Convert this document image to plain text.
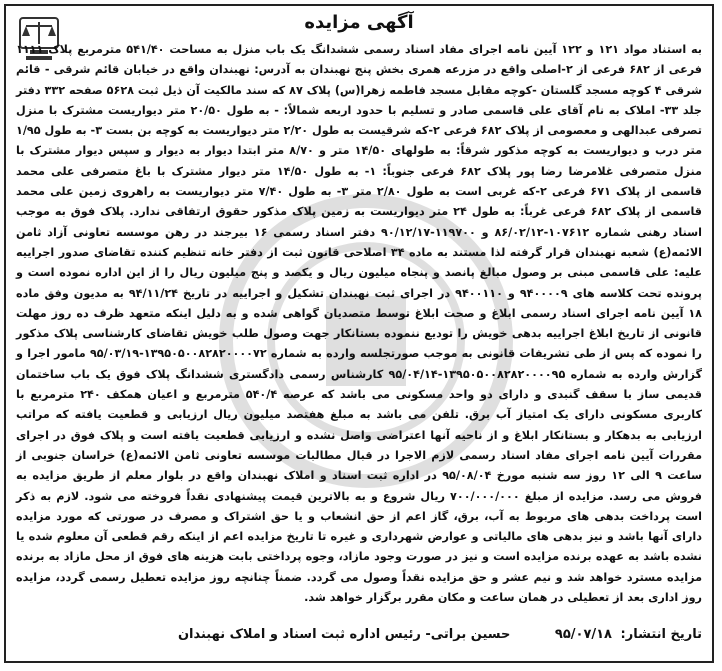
آگهی مزایده
به استناد مواد ۱۲۱ و ۱۲۲ آیین نامه اجرای مفاد اسناد رسمی ششدانگ یک باب منزل به مساحت ۵۴۱/۴۰ مترمربع پلاک ۱۱۱۱ فرعی از ۶۸۲ فرعی از ۲-اصلی واقع در مزرعه همری بخش پنج نهبندان به آدرس: نهبندان واقع در خیابان قائم شرقی - قائم شرقی ۴ کوچه مسجد گلستان -کوچه مقابل مسجد فاطمه زهرا(س) پلاک ۸۷ که سند مالکیت آن ذیل ثبت ۵۶۲۸ صفحه ۳۳۲ دفتر جلد ۳۳- املاک به نام آقای علی قاسمی صادر و تسلیم با حدود اربعه شمالاً: - به طول ۲۰/۵۰ متر دیواریست مشترک با منزل تصرفی عبدالهی و معصومی از پلاک ۶۸۲ فرعی ۲-که شرقیست به طول ۲/۲۰ متر دیواریست به کوچه بن بست ۳- به طول ۱/۹۵ متر درب و دیواریست به کوچه مذکور شرقاً: به طولهای ۱۴/۵۰ متر و ۸/۷۰ متر ابتدا دیوار به دیوار و سپس دیوار مشترک با منزل متصرفی غلامرضا رضا پور پلاک ۶۸۲ فرعی جنوباً: ۱- به طول ۱۴/۵۰ متر دیوار مشترک با باغ متصرفی علی محمد قاسمی از پلاک ۶۷۱ فرعی ۲-که غربی است به طول ۲/۸۰ متر ۳- به طول ۷/۴۰ متر دیواریست به راهروی زمین علی محمد قاسمی از پلاک ۶۸۲ فرعی غرباً: به طول ۲۴ متر دیواریست به زمین پلاک مذکور حقوق ارتفاقی ندارد. پلاک فوق به موجب اسناد رهنی شماره ۱۰۷۶۱۲-۸۶/۰۲/۱۲ و ۱۱۹۷۰۰-۹۰/۱۲/۱۷ دفتر اسناد رسمی ۱۶ بیرجند در رهن موسسه تعاونی آزاد ثامن الائمه(ع) شعبه نهبندان قرار گرفته لذا مستند به ماده ۳۴ اصلاحی قانون ثبت از دفتر خانه تنظیم کننده تقاضای صدور اجراییه علیه: علی قاسمی مبنی بر وصول مبالغ پانصد و پنجاه میلیون ریال و یکصد و پنج میلیون ریال را از این اداره نموده است و پرونده تحت کلاسه های ۹۴۰۰۰۰۹ و ۹۴۰۰۱۱۰ در اجرای ثبت نهبندان تشکیل و اجراییه در تاریخ ۹۴/۱۱/۲۴ به مدیون وفق ماده ۱۸ آیین نامه اجرای اسناد رسمی ابلاغ و صحت ابلاغ توسط متصدیان گواهی شده و به دلیل اینکه متعهد ظرف ده روز مهلت قانونی از تاریخ ابلاغ اجراییه بدهی خویش را تودیع ننموده بستانکار جهت وصول طلب خویش تقاضای کارشناسی پلاک مذکور را نموده که پس از طی تشریفات قانونی به موجب صورتجلسه وارده به شماره ۱۳۹۵۰۵۰۰۸۲۸۲۰۰۰۰۷۲-۹۵/۰۳/۱۹ مامور اجرا و گزارش وارده به شماره ۱۳۹۵۰۵۰۰۸۲۸۲۰۰۰۰۹۵-۹۵/۰۴/۱۴ کارشناس رسمی دادگستری ششدانگ پلاک فوق یک باب ساختمان قدیمی ساز با سقف گنبدی و دارای دو واحد مسکونی می باشد که عرصه ۵۴۰/۴ مترمربع و اعیان همکف ۲۴۰ مترمربع با کاربری مسکونی دارای یک امتیاز آب برق. تلفن می باشد به مبلغ هفتصد میلیون ریال ارزیابی و قطعیت یافته که مراتب ارزیابی به بدهکار و بستانکار ابلاغ و از ناحیه آنها اعتراضی واصل نشده و ارزیابی قطعیت یافته است و پلاک فوق در اجرای مقررات آیین نامه اجرای مفاد اسناد رسمی لازم الاجرا در قبال مطالبات موسسه تعاونی ثامن الائمه(ع) خراسان جنوبی از ساعت ۹ الی ۱۲ روز سه شنبه مورخ ۹۵/۰۸/۰۴ در اداره ثبت اسناد و املاک نهبندان واقع در بلوار معلم از طریق مزایده به فروش می رسد. مزایده از مبلغ ۷۰۰/۰۰۰/۰۰۰ ریال شروع و به بالاترین قیمت پیشنهادی نقداً فروخته می شود. لازم به ذکر است پرداخت بدهی های مربوط به آب، برق، گاز اعم از حق انشعاب و یا حق اشتراک و مصرف در صورتی که مورد مزایده دارای آنها باشد و نیز بدهی های مالیاتی و عوارض شهرداری و غیره تا تاریخ مزایده اعم از اینکه رقم قطعی آن معلوم شده یا نشده باشد به عهده برنده مزایده است و نیز در صورت وجود مازاد، وجوه پرداختی بابت هزینه های فوق از محل مازاد به برنده مزایده مسترد خواهد شد و نیم عشر و حق مزایده نقداً وصول می گردد. ضمناً چنانچه روز مزایده تعطیل رسمی گردد، مزایده روز اداری بعد از تعطیلی در همان ساعت و مکان مقرر برگزار خواهد شد.
تاریخ انتشار: ۹۵/۰۷/۱۸ حسین براتی- رئیس اداره ثبت اسناد و املاک نهبندان
